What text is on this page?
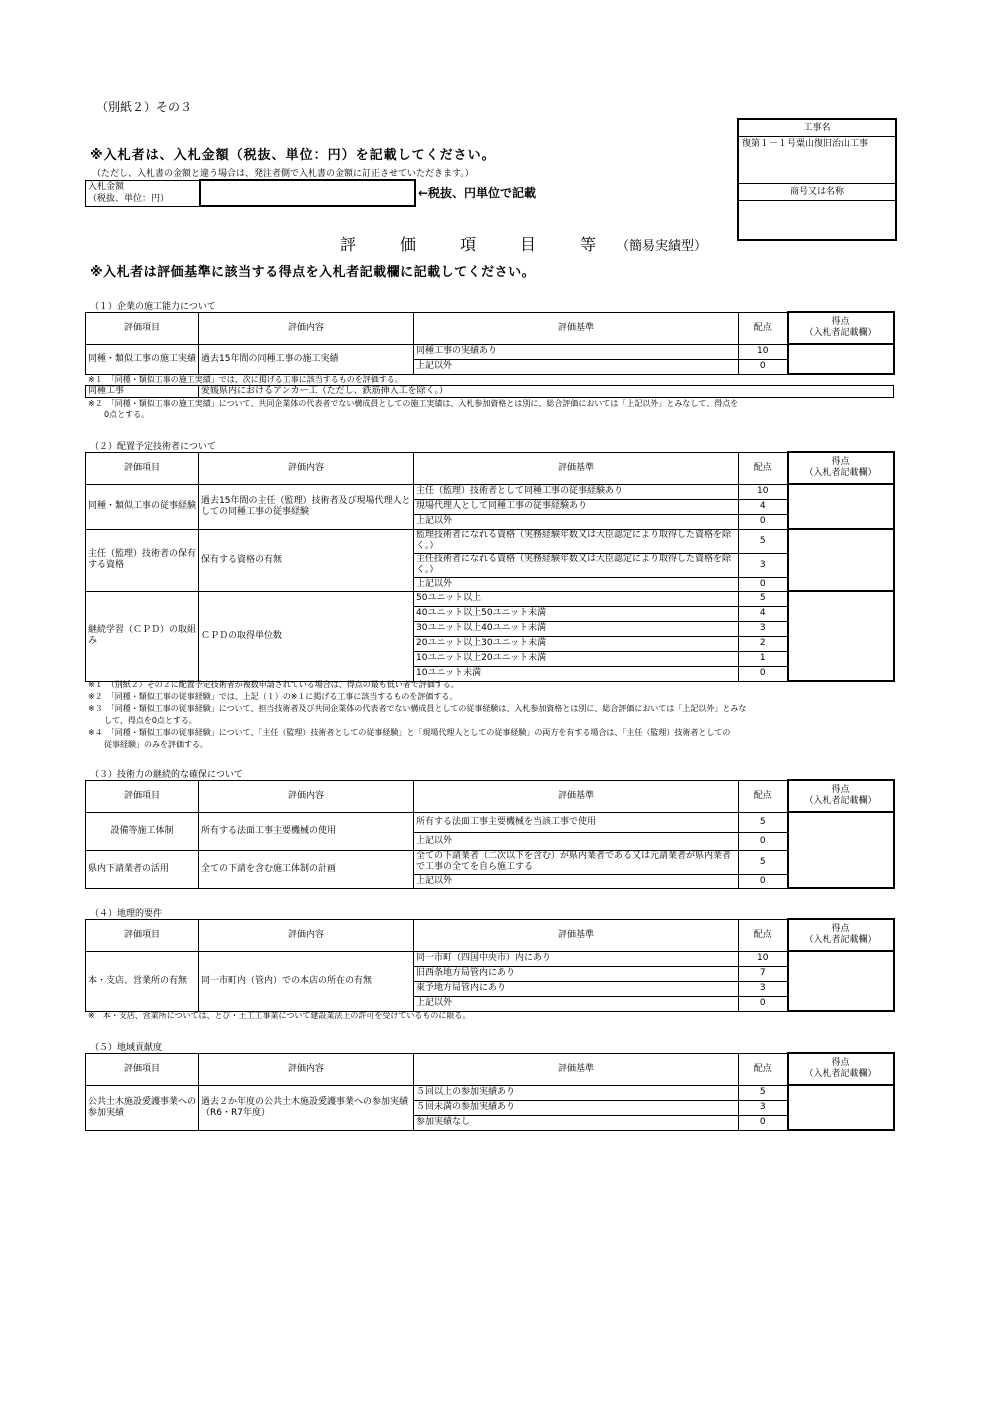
（別紙２）その３
※入札者は、入札金額（税抜、単位：円）を記載してください。
（ただし、入札書の金額と違う場合は、発注者側で入札書の金額に訂正させていただきます。）
入札金額
（税抜、単位：円）
		←税抜、円単位で記載
工事名
復第１－１号粟山復旧治山工事
商号又は名称
評　価　項　目　等 （簡易実績型）
※入札者は評価基準に該当する得点を入札者記載欄に記載してください。
（１）企業の施工能力について
評価項目	評価内容	評価基準	配点	得点
（入札者記載欄）

同種・類似工事の施工実績	過去15年間の同種工事の施工実績	同種工事の実績あり	10	
		上記以外	0	
※１　「同種・類似工事の施工実績」では、次に掲げる工事に該当するものを評価する。
同種工事	愛媛県内におけるアンカー工（ただし、鉄筋挿入工を除く。）
※２　「同種・類似工事の施工実績」について、共同企業体の代表者でない構成員としての施工実績は、入札参加資格とは別に、総合評価においては「上記以外」とみなして、得点を
　　0点とする。
（２）配置予定技術者について
評価項目	評価内容	評価基準	配点	得点
（入札者記載欄）

同種・類似工事の従事経験	過去15年間の主任（監理）技術者及び現場代理人としての同種工事の従事経験	主任（監理）技術者として同種工事の従事経験あり	10	
		現場代理人として同種工事の従事経験あり	4	
		上記以外	0	
主任（監理）技術者の保有する資格	保有する資格の有無	監理技術者になれる資格（実務経験年数又は大臣認定により取得した資格を除く。）	5	
		主任技術者になれる資格（実務経験年数又は大臣認定により取得した資格を除く。）	3	
		上記以外	0	
継続学習（ＣＰＤ）の取組み	ＣＰＤの取得単位数	50ユニット以上	5	
		40ユニット以上50ユニット未満	4	
		30ユニット以上40ユニット未満	3	
		20ユニット以上30ユニット未満	2	
		10ユニット以上20ユニット未満	1	
		10ユニット未満	0	
※１　（別紙２）その２に配置予定技術者が複数申請されている場合は、得点の最も低い者で評価する。
※２　「同種・類似工事の従事経験」では、上記（１）の※１に掲げる工事に該当するものを評価する。
※３　「同種・類似工事の従事経験」について、担当技術者及び共同企業体の代表者でない構成員としての従事経験は、入札参加資格とは別に、総合評価においては「上記以外」とみな
　　して、得点を0点とする。
※４　「同種・類似工事の従事経験」について、「主任（監理）技術者としての従事経験」と「現場代理人としての従事経験」の両方を有する場合は、「主任（監理）技術者としての
　　従事経験」のみを評価する。
（３）技術力の継続的な確保について
評価項目	評価内容	評価基準	配点	得点
（入札者記載欄）

設備等施工体制	所有する法面工事主要機械の使用	所有する法面工事主要機械を当該工事で使用	5	
		上記以外	0	
県内下請業者の活用	全ての下請を含む施工体制の計画	全ての下請業者（二次以下を含む）が県内業者である又は元請業者が県内業者で工事の全てを自ら施工する	5	
		上記以外	0	
（４）地理的要件
評価項目	評価内容	評価基準	配点	得点
（入札者記載欄）

本・支店、営業所の有無	同一市町内（管内）での本店の所在の有無	同一市町（四国中央市）内にあり	10	
		旧西条地方局管内にあり	7	
		東予地方局管内にあり	3	
		上記以外	0	
※　本・支店、営業所については、とび・土工工事業について建設業法上の許可を受けているものに限る。
（５）地域貢献度
評価項目	評価内容	評価基準	配点	得点
（入札者記載欄）

公共土木施設愛護事業への参加実績	過去２か年度の公共土木施設愛護事業への参加実績（R6・R7年度）	５回以上の参加実績あり	5	
		５回未満の参加実績あり	3	
		参加実績なし	0	
